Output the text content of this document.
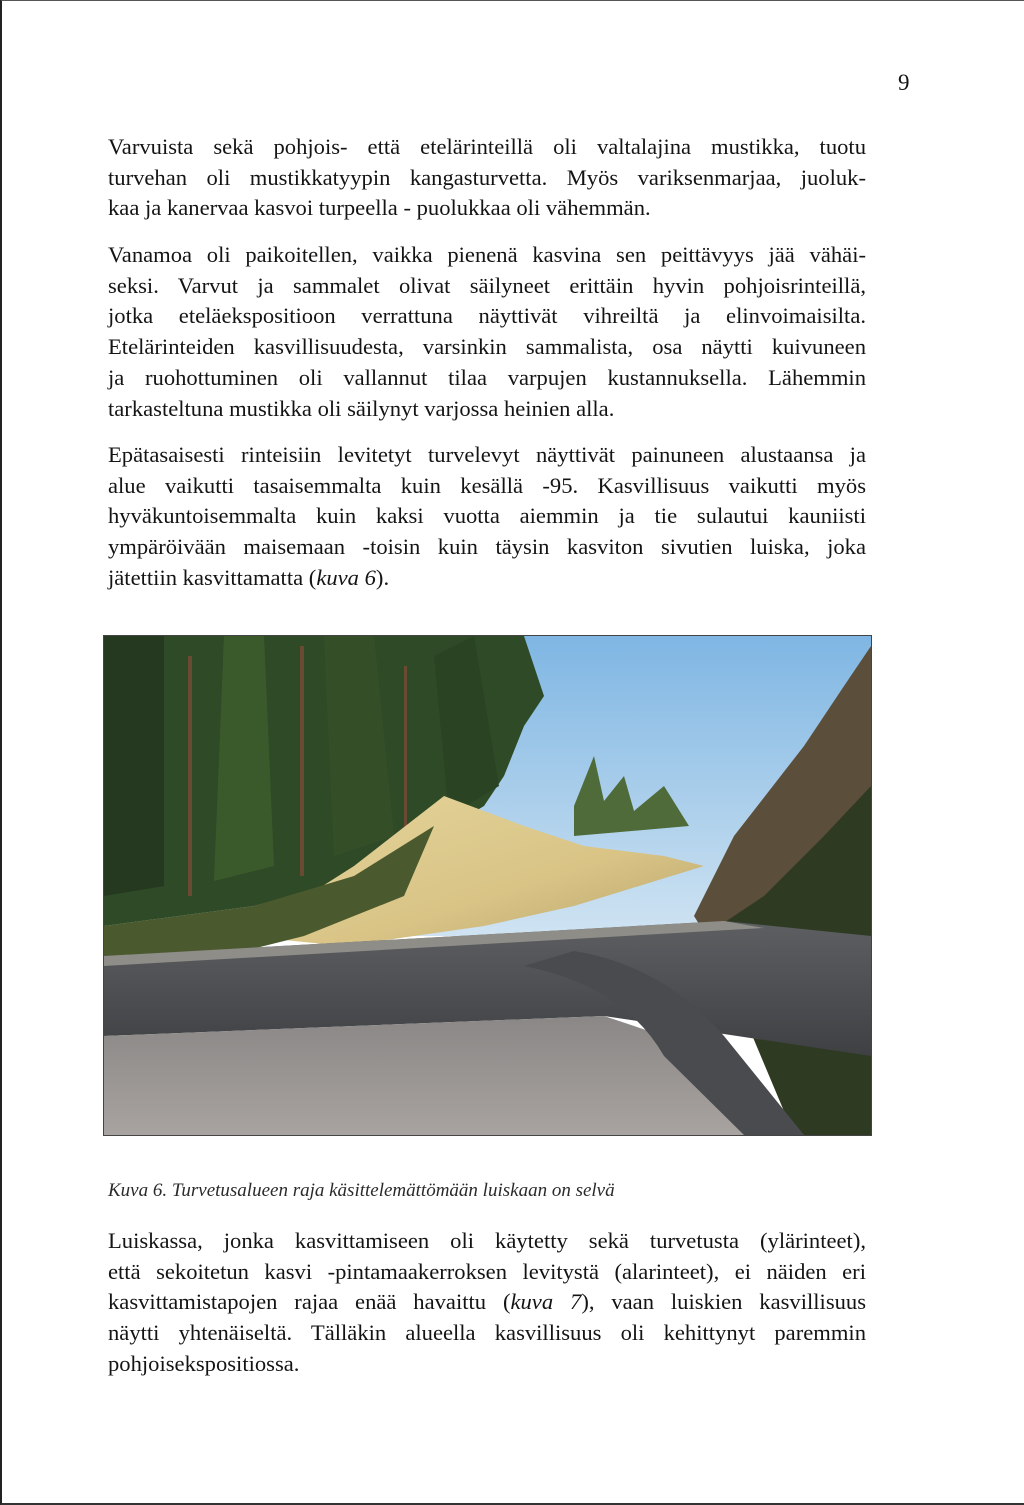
9

Varvuista sekä pohjois- että etelärinteillä oli valtalajina mustikka, tuotu
turvehan oli mustikkatyypin kangasturvetta. Myös variksenmarjaa, juoluk-
kaa ja kanervaa kasvoi turpeella - puolukkaa oli vähemmän.

Vanamoa oli paikoitellen, vaikka pienenä kasvina sen peittävyys jää vähäi-
seksi. Varvut ja sammalet olivat säilyneet erittäin hyvin pohjoisrinteillä,
jotka eteläekspositioon verrattuna näyttivät vihreiltä ja elinvoimaisilta.
Etelärinteiden kasvillisuudesta, varsinkin sammalista, osa näytti kuivuneen
ja ruohottuminen oli vallannut tilaa varpujen kustannuksella. Lähemmin
tarkasteltuna mustikka oli säilynyt varjossa heinien alla.

Epätasaisesti rinteisiin levitetyt turvelevyt näyttivät painuneen alustaansa ja
alue vaikutti tasaisemmalta kuin kesällä -95. Kasvillisuus vaikutti myös
hyväkuntoisemmalta kuin kaksi vuotta aiemmin ja tie sulautui kauniisti
ympäröivään maisemaan -toisin kuin täysin kasviton sivutien luiska, joka
jätettiin kasvittamatta (kuva 6).

Kuva 6. Turvetusalueen raja käsittelemättömään luiskaan on selvä

Luiskassa, jonka kasvittamiseen oli käytetty sekä turvetusta (ylärinteet),
että sekoitetun kasvi -pintamaakerroksen levitystä (alarinteet), ei näiden eri
kasvittamistapojen rajaa enää havaittu (kuva 7), vaan luiskien kasvillisuus
näytti yhtenäiseltä. Tälläkin alueella kasvillisuus oli kehittynyt paremmin
pohjoisekspositiossa.
